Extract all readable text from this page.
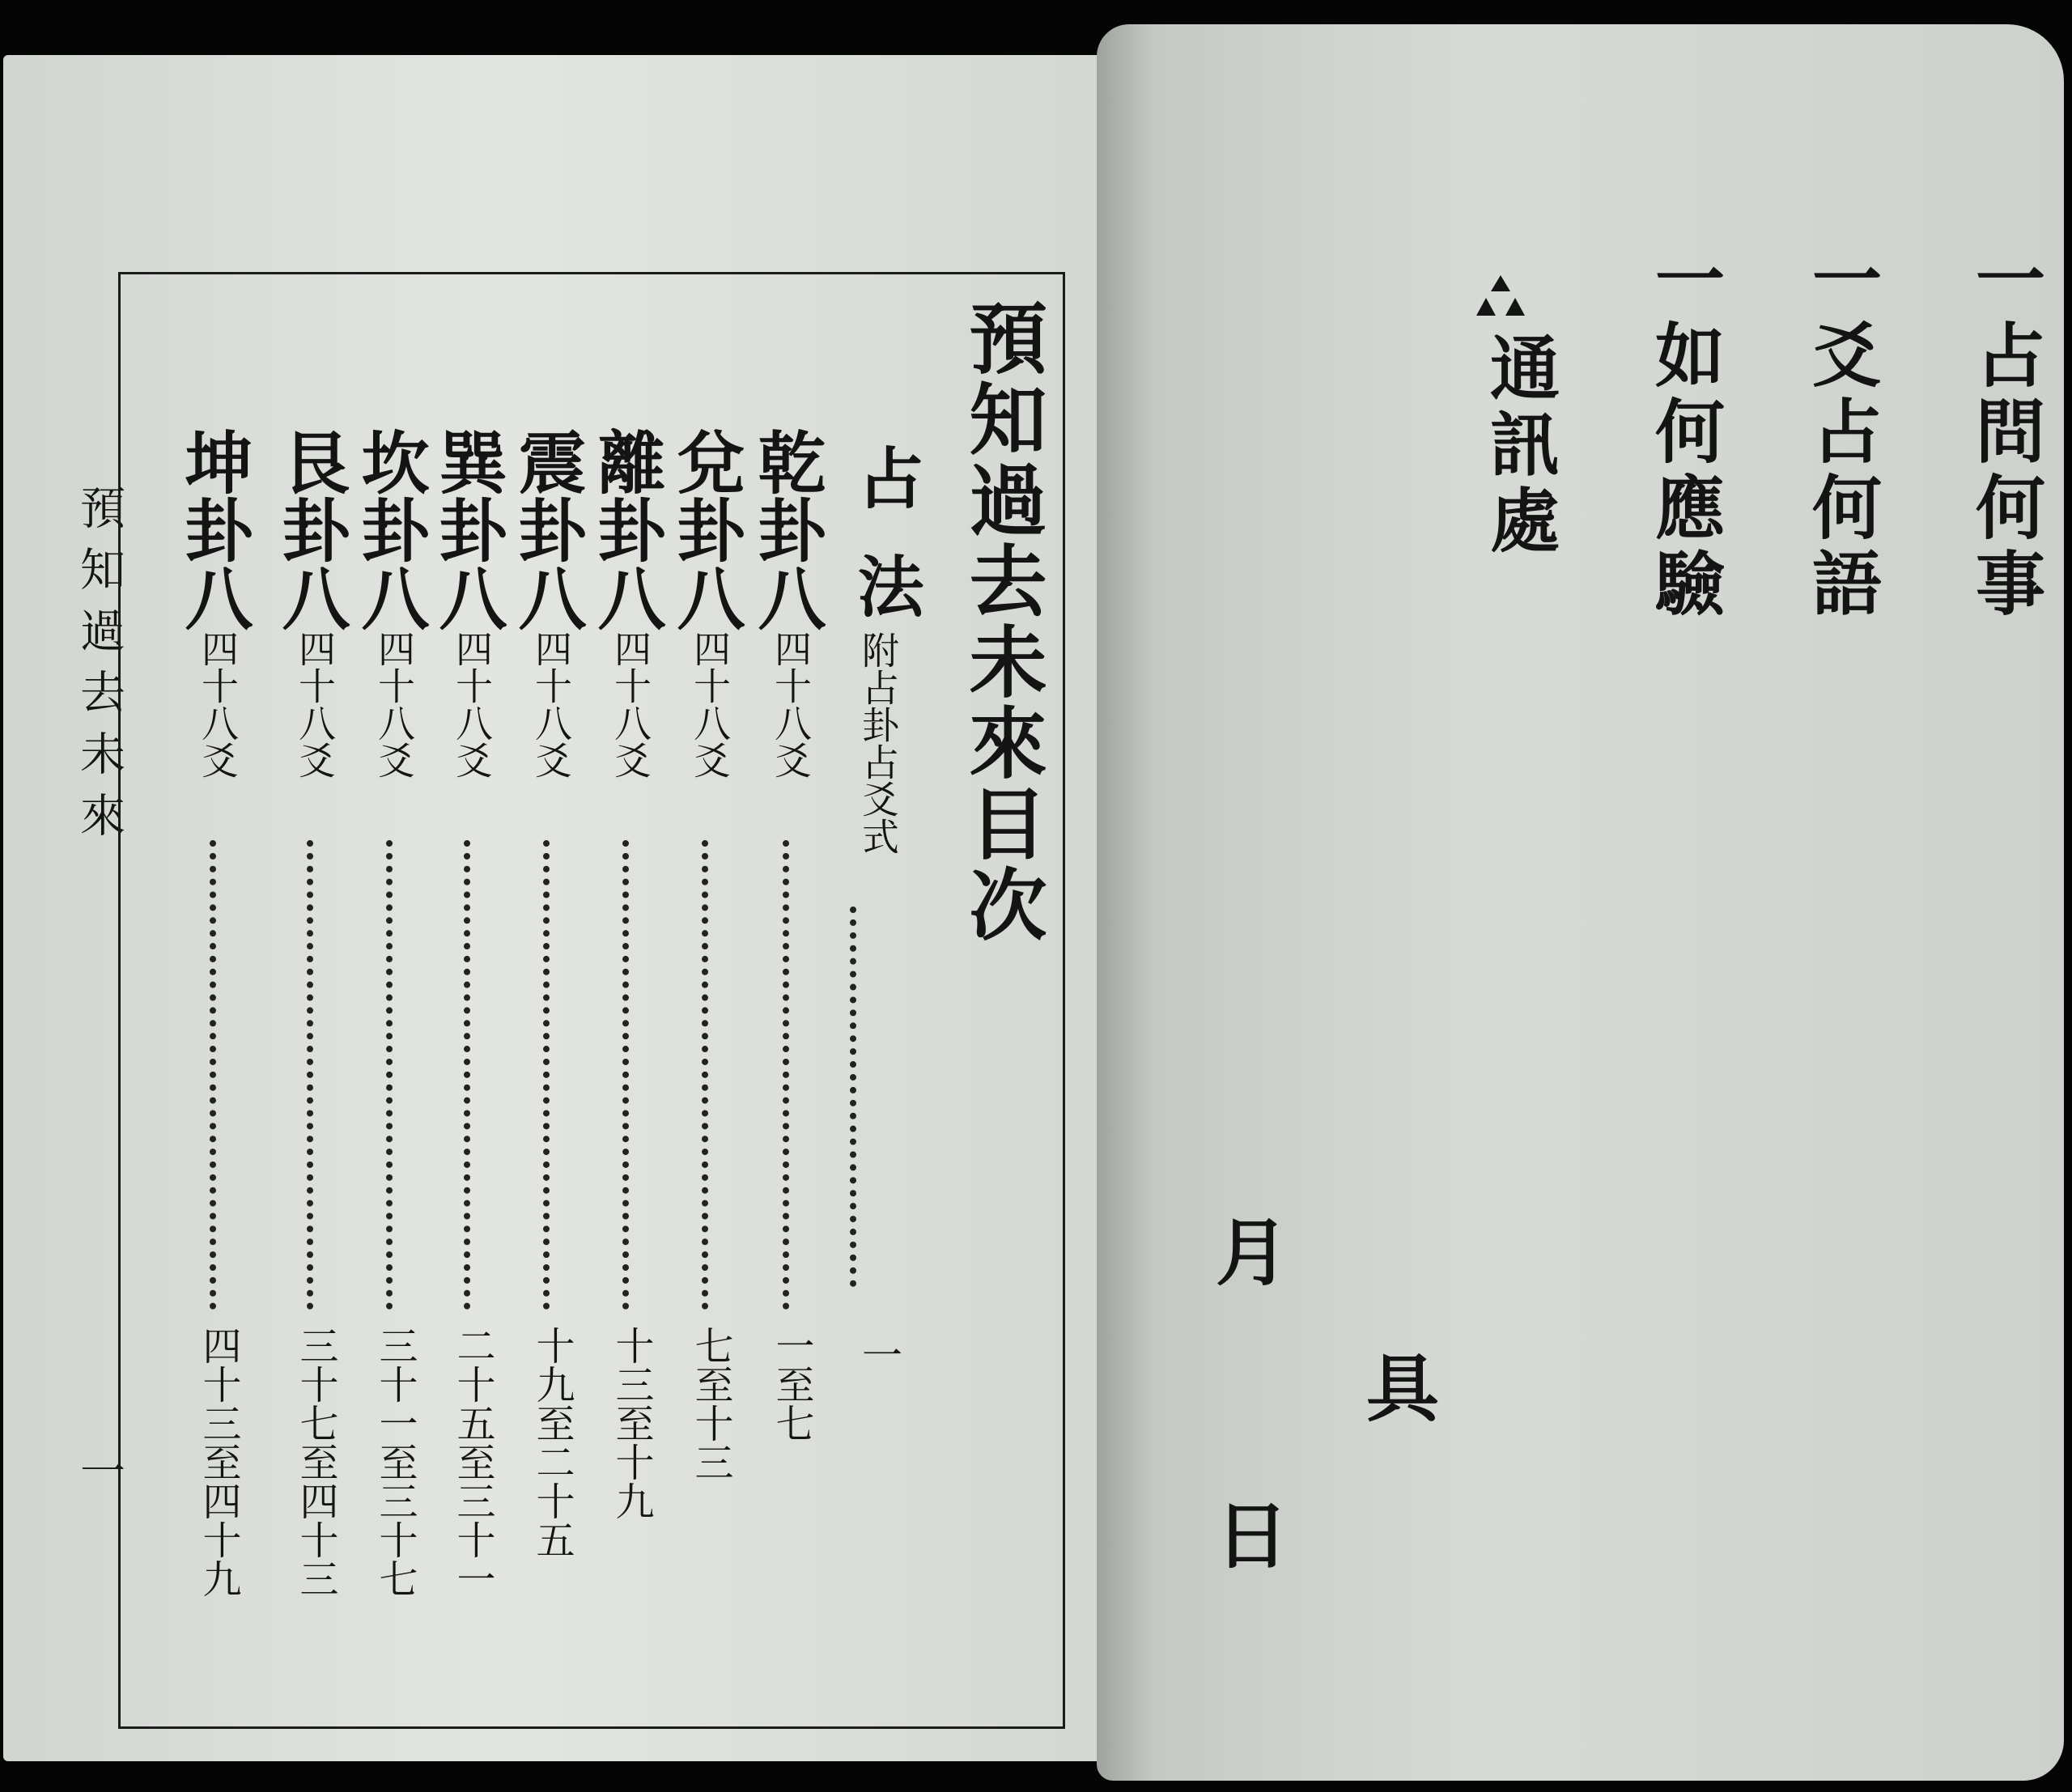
預知過去未來
一
預知過去未來目次
占法
附占卦占爻式
一
乾卦八
四十八爻
一至七
兌卦八
四十八爻
七至十三
離卦八
四十八爻
十三至十九
震卦八
四十八爻
十九至二十五
巽卦八
四十八爻
二十五至三十一
坎卦八
四十八爻
三十一至三十七
艮卦八
四十八爻
三十七至四十三
坤卦八
四十八爻
四十三至四十九
一占問何事
一爻占何語
一如何應驗
通訊處
月
具
日
